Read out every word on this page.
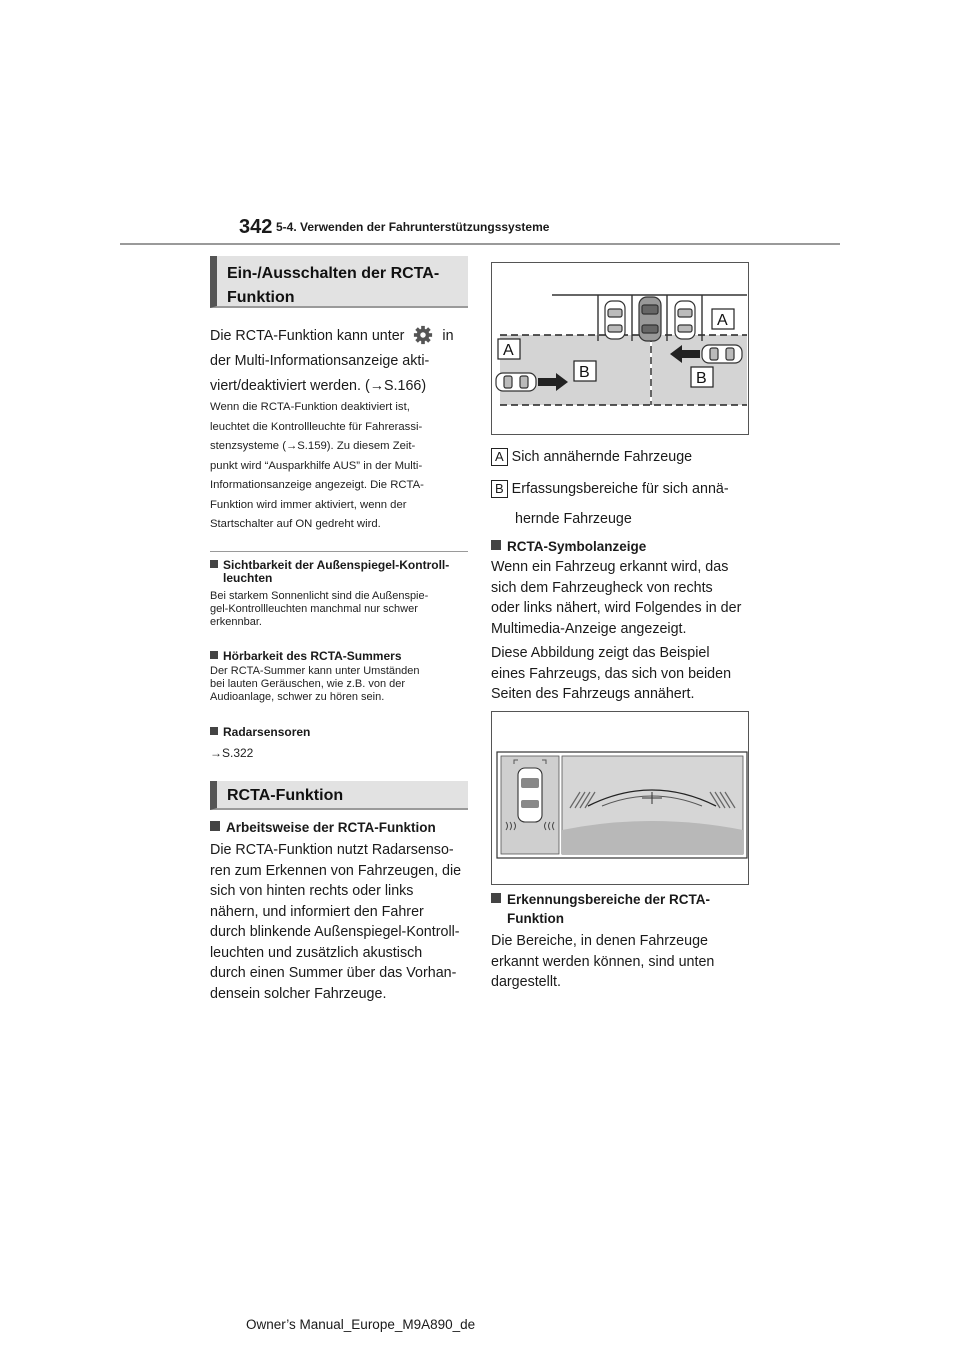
342 5-4. Verwenden der Fahrunterstützungssysteme
Ein-/Ausschalten der RCTA-
Funktion
Die RCTA-Funktion kann unter	in
der Multi-Informationsanzeige akti-
viert/deaktiviert werden. (→S.166)
Wenn die RCTA-Funktion deaktiviert ist,
leuchtet die Kontrollleuchte für Fahrerassi-
stenzsysteme (→S.159). Zu diesem Zeit-
punkt wird “Ausparkhilfe AUS” in der Multi-
Informationsanzeige angezeigt. Die RCTA-
Funktion wird immer aktiviert, wenn der
Startschalter auf ON gedreht wird.
Sichtbarkeit der Außenspiegel-Kontroll-
leuchten
Bei starkem Sonnenlicht sind die Außenspie-
gel-Kontrollleuchten manchmal nur schwer
erkennbar.
Hörbarkeit des RCTA-Summers
Der RCTA-Summer kann unter Umständen
bei lauten Geräuschen, wie z.B. von der
Audioanlage, schwer zu hören sein.
Radarsensoren
→S.322
RCTA-Funktion
Arbeitsweise der RCTA-Funktion
Die RCTA-Funktion nutzt Radarsenso-
ren zum Erkennen von Fahrzeugen, die
sich von hinten rechts oder links
nähern, und informiert den Fahrer
durch blinkende Außenspiegel-Kontroll-
leuchten und zusätzlich akustisch
durch einen Summer über das Vorhan-
densein solcher Fahrzeuge.
A
A
B	B
A Sich annähernde Fahrzeuge
B Erfassungsbereiche für sich annä-
hernde Fahrzeuge
RCTA-Symbolanzeige
Wenn ein Fahrzeug erkannt wird, das
sich dem Fahrzeugheck von rechts
oder links nähert, wird Folgendes in der
Multimedia-Anzeige angezeigt.
Diese Abbildung zeigt das Beispiel
eines Fahrzeugs, das sich von beiden
Seiten des Fahrzeugs annähert.
Erkennungsbereiche der RCTA-
Funktion
Die Bereiche, in denen Fahrzeuge
erkannt werden können, sind unten
dargestellt.
Owner’s Manual_Europe_M9A890_de
